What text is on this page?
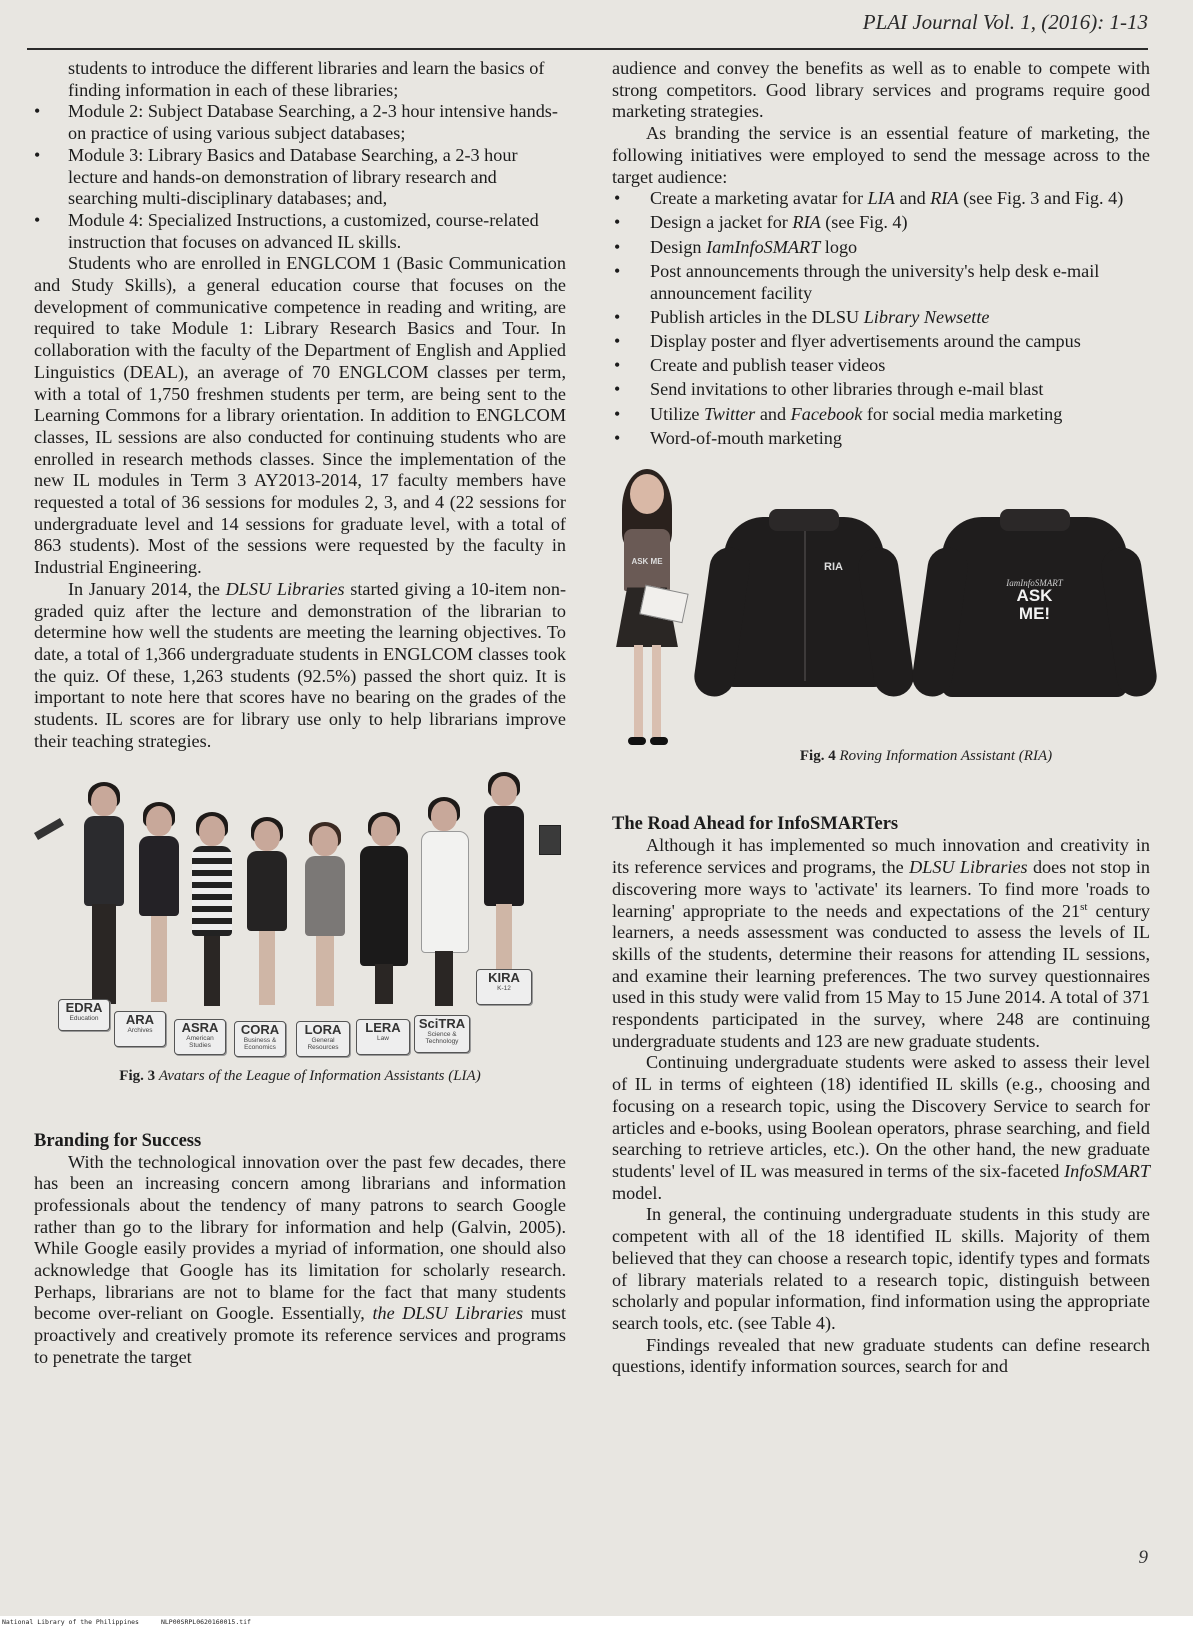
PLAI Journal Vol. 1, (2016): 1-13

students to introduce the different libraries and learn the basics of finding information in each of these libraries;

• Module 2: Subject Database Searching, a 2-3 hour intensive hands-on practice of using various subject databases;
• Module 3: Library Basics and Database Searching, a 2-3 hour lecture and hands-on demonstration of library research and searching multi-disciplinary databases; and,
• Module 4: Specialized Instructions, a customized, course-related instruction that focuses on advanced IL skills.

Students who are enrolled in ENGLCOM 1 (Basic Communication and Study Skills), a general education course that focuses on the development of communicative competence in reading and writing, are required to take Module 1: Library Research Basics and Tour. In collaboration with the faculty of the Department of English and Applied Linguistics (DEAL), an average of 70 ENGLCOM classes per term, with a total of 1,750 freshmen students per term, are being sent to the Learning Commons for a library orientation. In addition to ENGLCOM classes, IL sessions are also conducted for continuing students who are enrolled in research methods classes. Since the implementation of the new IL modules in Term 3 AY2013-2014, 17 faculty members have requested a total of 36 sessions for modules 2, 3, and 4 (22 sessions for undergraduate level and 14 sessions for graduate level, with a total of 863 students). Most of the sessions were requested by the faculty in Industrial Engineering.

In January 2014, the DLSU Libraries started giving a 10-item non-graded quiz after the lecture and demonstration of the librarian to determine how well the students are meeting the learning objectives. To date, a total of 1,366 undergraduate students in ENGLCOM classes took the quiz. Of these, 1,263 students (92.5%) passed the short quiz. It is important to note here that scores have no bearing on the grades of the students. IL scores are for library use only to help librarians improve their teaching strategies.

EDRA
Education	ARA
Archives	ASRA
American Studies
CORA
Business & Economics
LORA
General Resources
LERA
Law
SciTRA
Science & Technology
KIRA
K-12
Fig. 3 Avatars of the League of Information Assistants (LIA)
Branding for Success

With the technological innovation over the past few decades, there has been an increasing concern among librarians and information professionals about the tendency of many patrons to search Google rather than go to the library for information and help (Galvin, 2005). While Google easily provides a myriad of information, one should also acknowledge that Google has its limitation for scholarly research. Perhaps, librarians are not to blame for the fact that many students become over-reliant on Google. Essentially, the DLSU Libraries must proactively and creatively promote its reference services and programs to penetrate the target

audience and convey the benefits as well as to enable to compete with strong competitors. Good library services and programs require good marketing strategies.

As branding the service is an essential feature of marketing, the following initiatives were employed to send the message across to the target audience:

• Create a marketing avatar for LIA and RIA (see Fig. 3 and Fig. 4)
• Design a jacket for RIA (see Fig. 4)
• Design IamInfoSMART logo
• Post announcements through the university's help desk e-mail announcement facility
• Publish articles in the DLSU Library Newsette
• Display poster and flyer advertisements around the campus
• Create and publish teaser videos
• Send invitations to other libraries through e-mail blast
• Utilize Twitter and Facebook for social media marketing
• Word-of-mouth marketing
ASK ME	RIA
IamInfoSMART
ASK
ME!
Fig. 4 Roving Information Assistant (RIA)
The Road Ahead for InfoSMARTers

Although it has implemented so much innovation and creativity in its reference services and programs, the DLSU Libraries does not stop in discovering more ways to 'activate' its learners. To find more 'roads to learning' appropriate to the needs and expectations of the 21st century learners, a needs assessment was conducted to assess the levels of IL skills of the students, determine their reasons for attending IL sessions, and examine their learning preferences. The two survey questionnaires used in this study were valid from 15 May to 15 June 2014. A total of 371 respondents participated in the survey, where 248 are continuing undergraduate students and 123 are new graduate students.

Continuing undergraduate students were asked to assess their level of IL in terms of eighteen (18) identified IL skills (e.g., choosing and focusing on a research topic, using the Discovery Service to search for articles and e-books, using Boolean operators, phrase searching, and field searching to retrieve articles, etc.). On the other hand, the new graduate students' level of IL was measured in terms of the six-faceted InfoSMART model.

In general, the continuing undergraduate students in this study are competent with all of the 18 identified IL skills. Majority of them believed that they can choose a research topic, identify types and formats of library materials related to a research topic, distinguish between scholarly and popular information, find information using the appropriate search tools, etc. (see Table 4).

Findings revealed that new graduate students can define research questions, identify information sources, search for and

9
National Library of the Philippines	NLP00SRPL0620160015.tif
